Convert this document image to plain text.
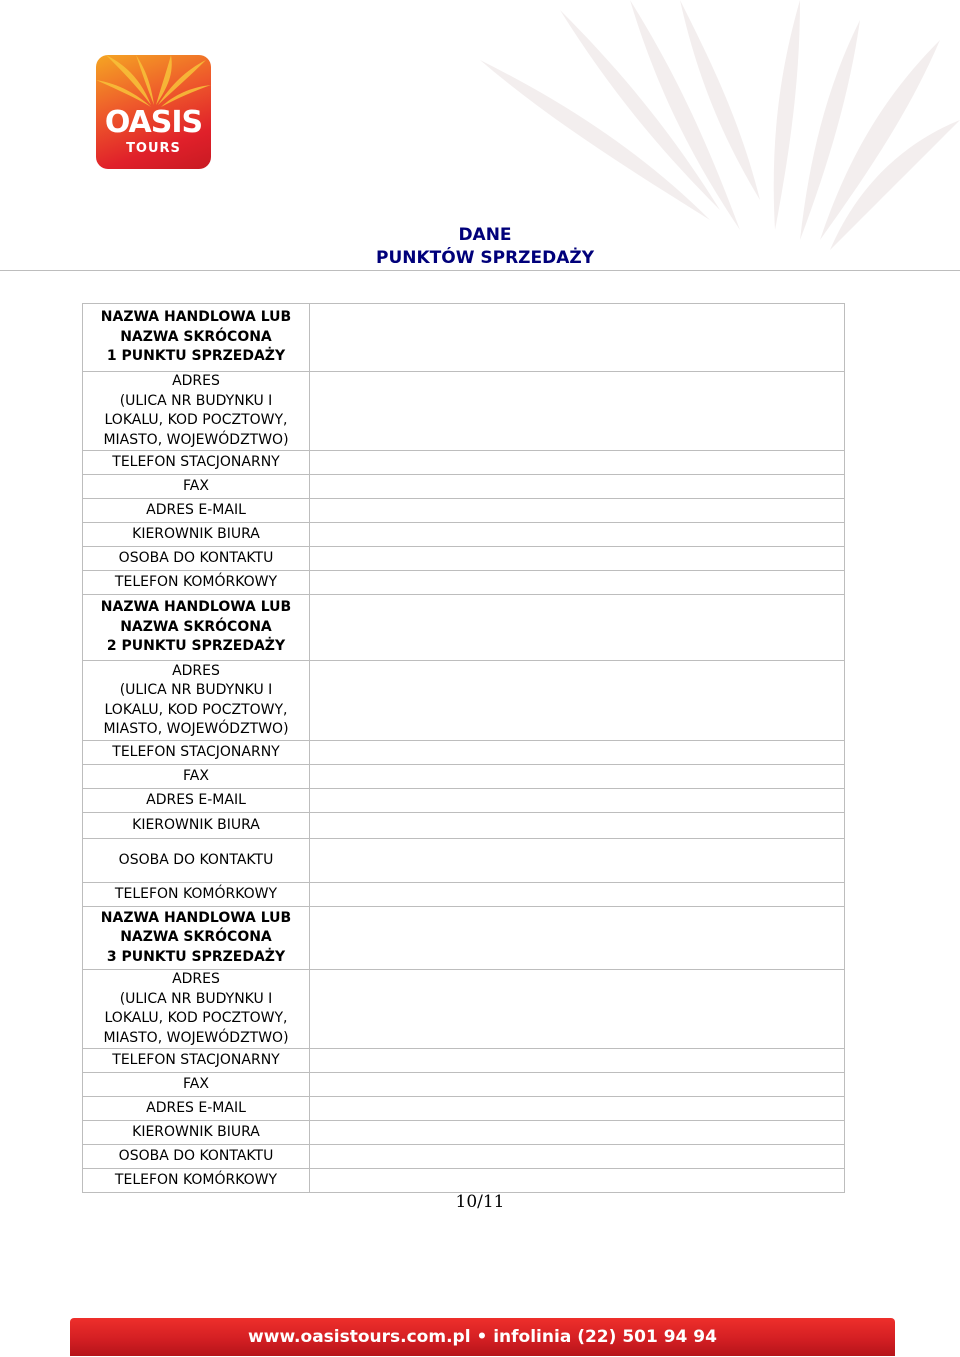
OASIS
TOURS
DANE
PUNKTÓW SPRZEDAŻY
NAZWA HANDLOWA LUB
NAZWA SKRÓCONA
1 PUNKTU SPRZEDAŻY	

ADRES
(ULICA NR BUDYNKU I
LOKALU, KOD POCZTOWY,
MIASTO, WOJEWÓDZTWO)	

TELEFON STACJONARNY	
FAX	
ADRES E-MAIL	
KIEROWNIK BIURA	
OSOBA DO KONTAKTU	
TELEFON KOMÓRKOWY	

NAZWA HANDLOWA LUB
NAZWA SKRÓCONA
2 PUNKTU SPRZEDAŻY	

ADRES
(ULICA NR BUDYNKU I
LOKALU, KOD POCZTOWY,
MIASTO, WOJEWÓDZTWO)	

TELEFON STACJONARNY	
FAX	
ADRES E-MAIL	
KIEROWNIK BIURA	
OSOBA DO KONTAKTU	
TELEFON KOMÓRKOWY	

NAZWA HANDLOWA LUB
NAZWA SKRÓCONA
3 PUNKTU SPRZEDAŻY	

ADRES
(ULICA NR BUDYNKU I
LOKALU, KOD POCZTOWY,
MIASTO, WOJEWÓDZTWO)	

TELEFON STACJONARNY	
FAX	
ADRES E-MAIL	
KIEROWNIK BIURA	
OSOBA DO KONTAKTU	
TELEFON KOMÓRKOWY	
10/11
www.oasistours.com.pl • infolinia (22) 501 94 94
